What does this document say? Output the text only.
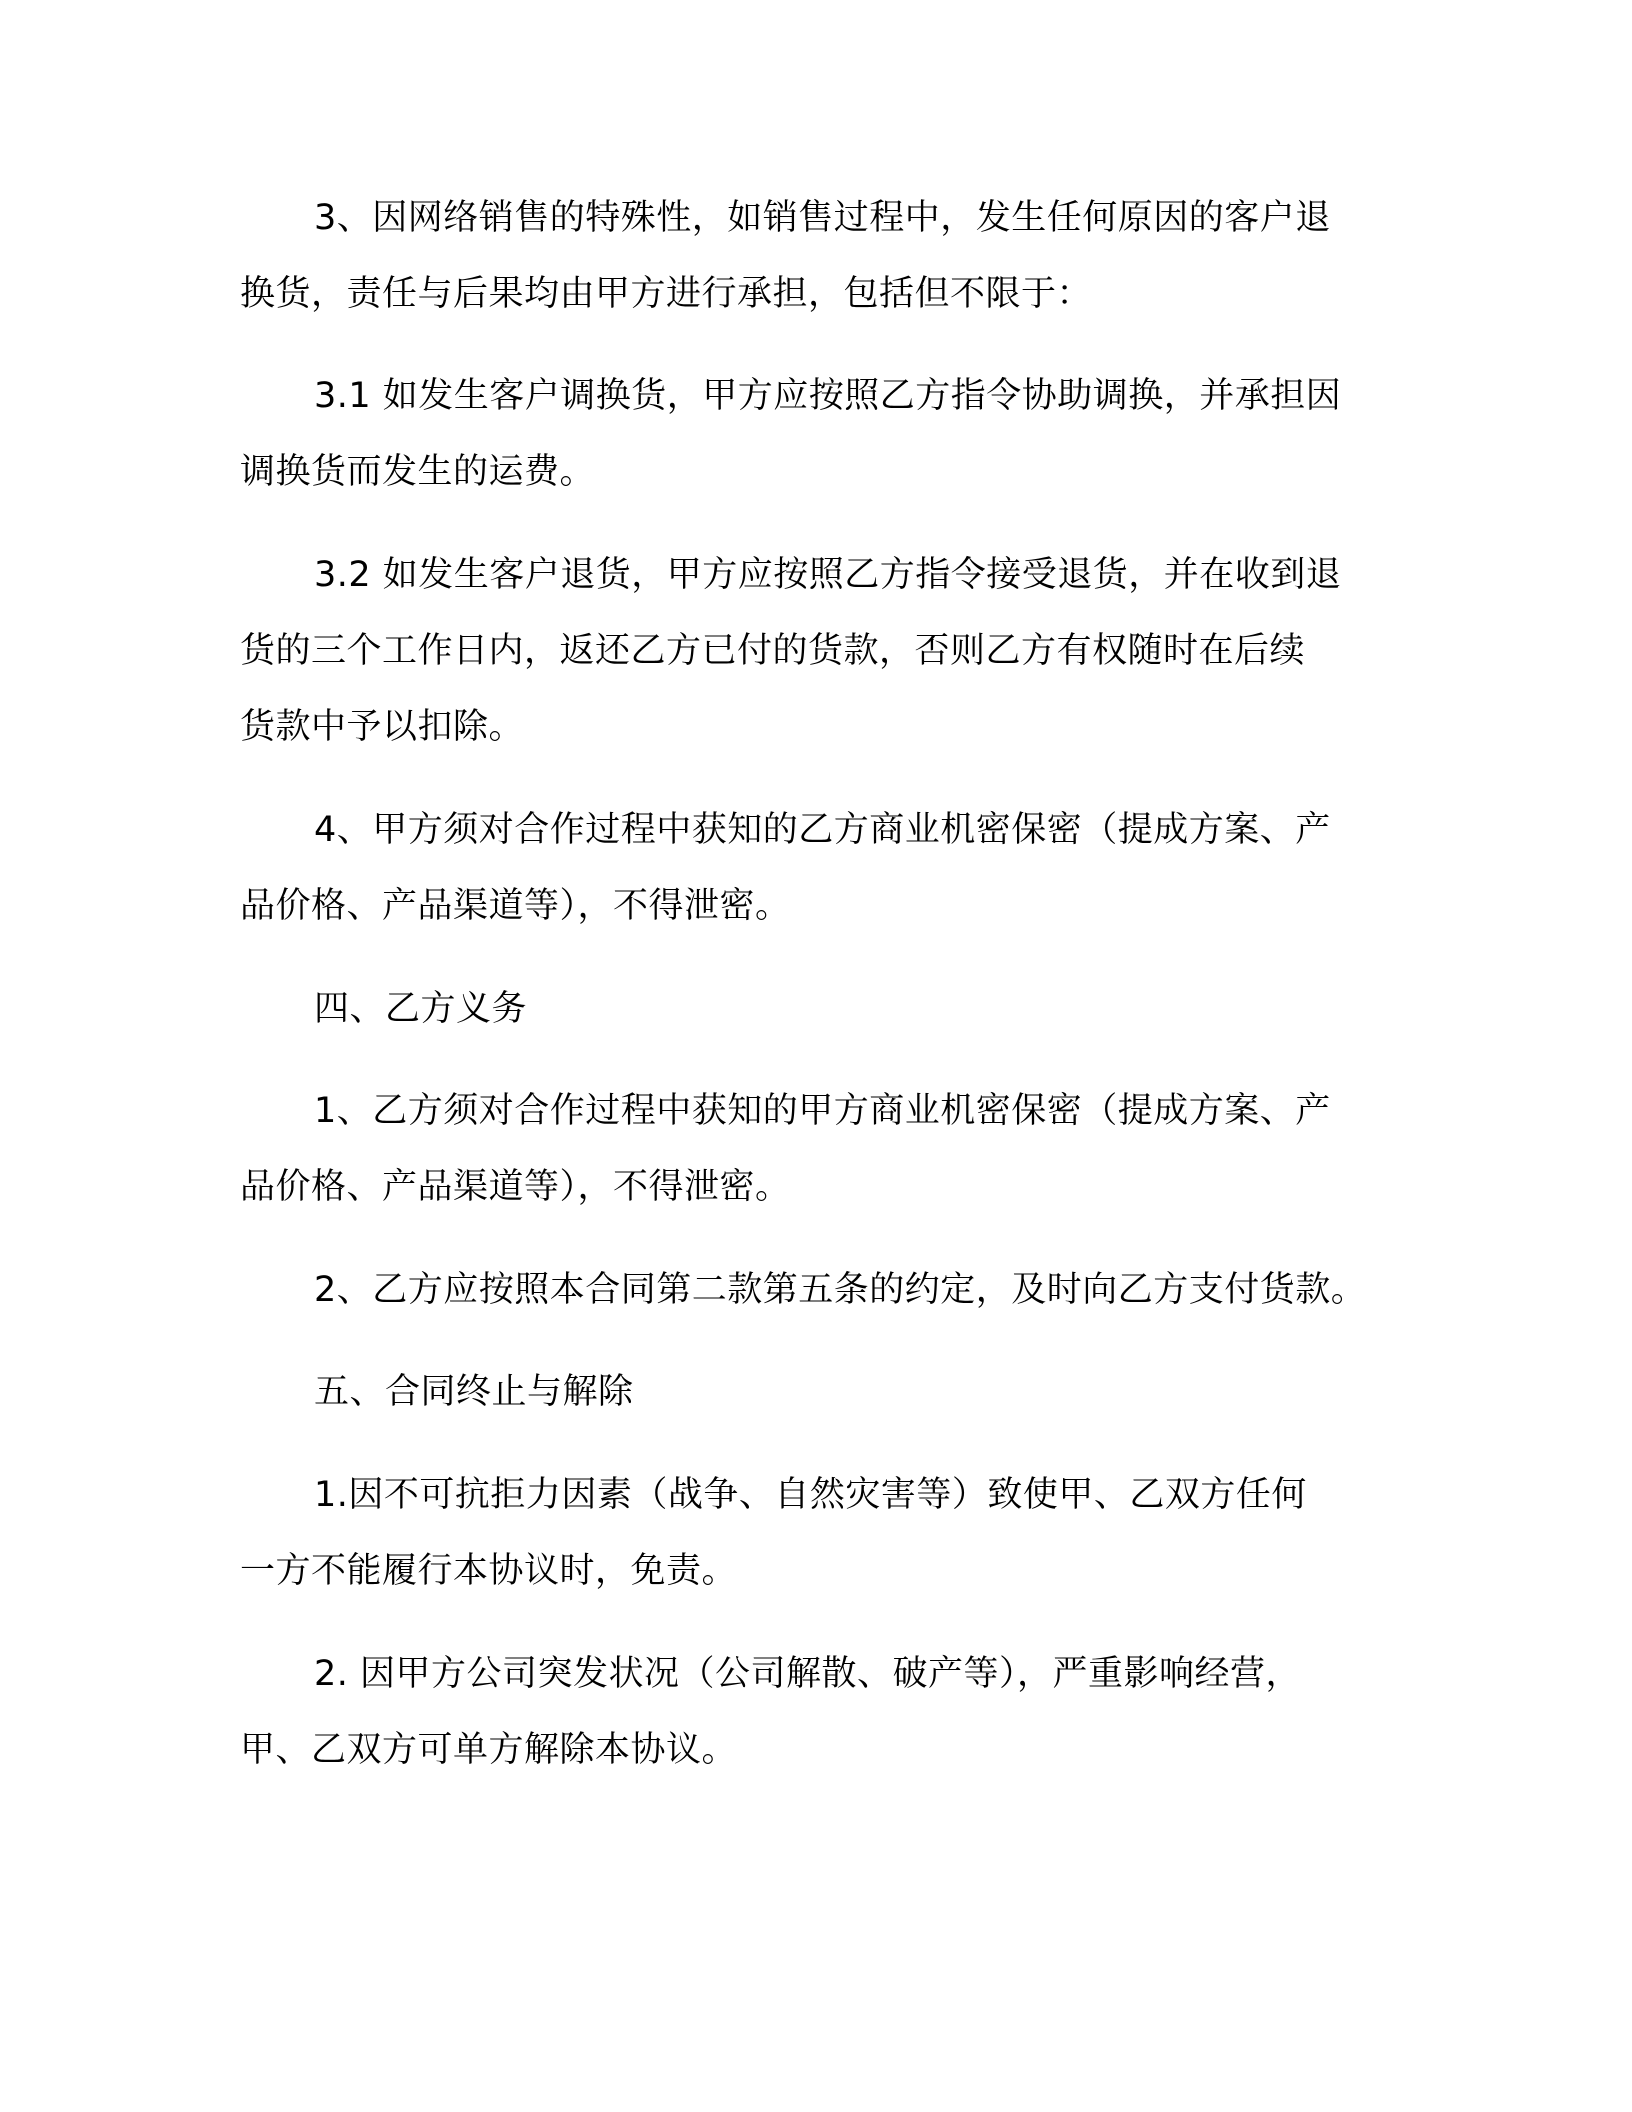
3、因网络销售的特殊性，如销售过程中，发生任何原因的客户退
换货，责任与后果均由甲方进行承担，包括但不限于：
3.1 如发生客户调换货，甲方应按照乙方指令协助调换，并承担因
调换货而发生的运费。
3.2 如发生客户退货，甲方应按照乙方指令接受退货，并在收到退
货的三个工作日内，返还乙方已付的货款，否则乙方有权随时在后续
货款中予以扣除。
4、甲方须对合作过程中获知的乙方商业机密保密（提成方案、产
品价格、产品渠道等），不得泄密。
四、乙方义务
1、乙方须对合作过程中获知的甲方商业机密保密（提成方案、产
品价格、产品渠道等），不得泄密。
2、乙方应按照本合同第二款第五条的约定，及时向乙方支付货款。
五、合同终止与解除
1.因不可抗拒力因素（战争、自然灾害等）致使甲、乙双方任何
一方不能履行本协议时，免责。
2. 因甲方公司突发状况（公司解散、破产等），严重影响经营，
甲、乙双方可单方解除本协议。
